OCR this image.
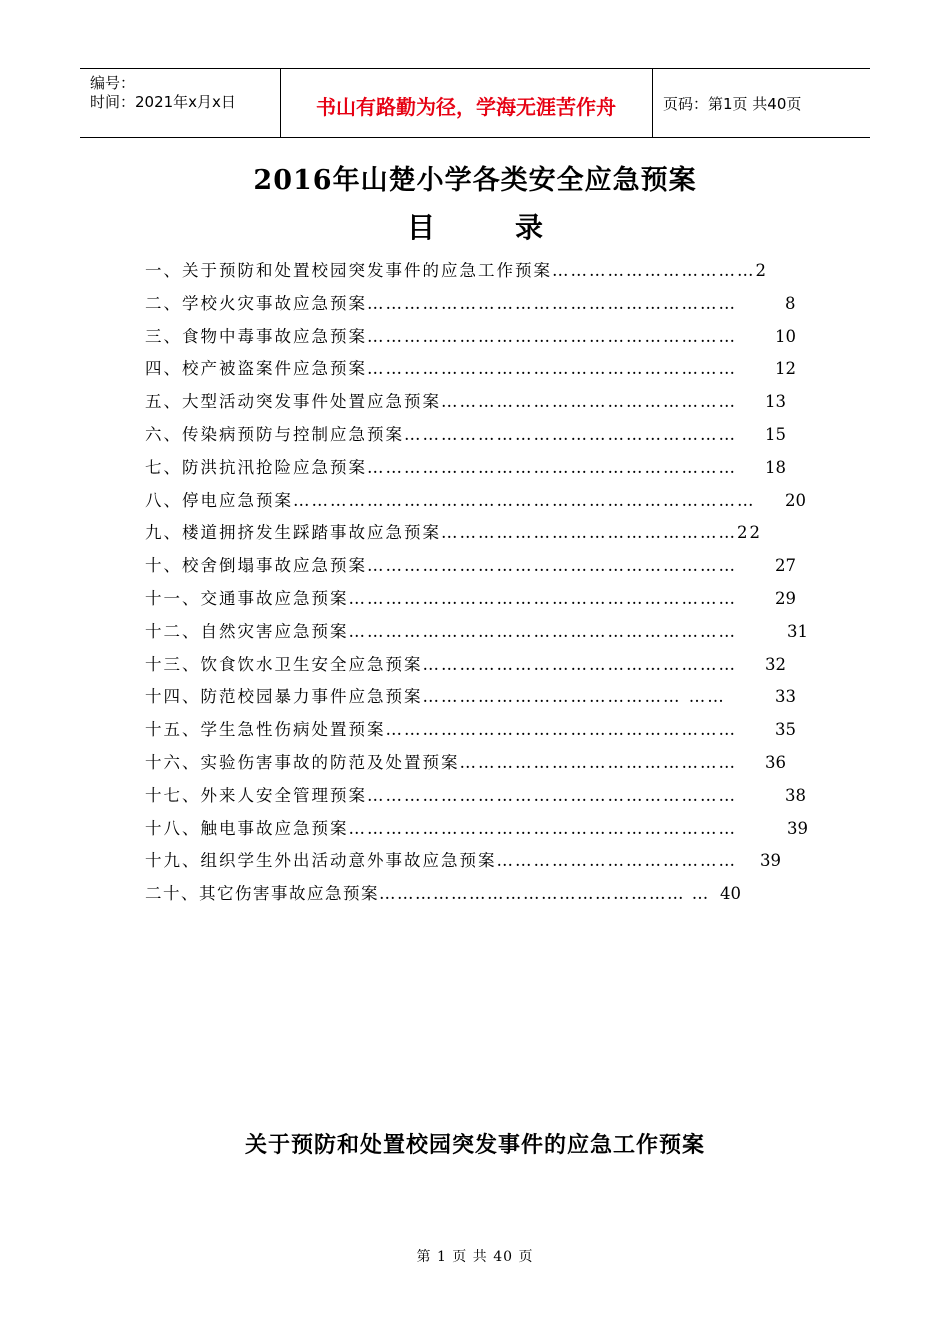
编号：
时间：2021年x月x日	书山有路勤为径，学海无涯苦作舟	页码：第1页 共40页
2016年山楚小学各类安全应急预案
目	录
一、关于预防和处置校园突发事件的应急工作预案……………………………2
二、学校火灾事故应急预案……………………………………………………	8
三、食物中毒事故应急预案…………………………………………………… 10
四、校产被盗案件应急预案…………………………………………………… 12
五、大型活动突发事件处置应急预案………………………………………… 13
六、传染病预防与控制应急预案……………………………………………… 15
七、防洪抗汛抢险应急预案…………………………………………………… 18
八、停电应急预案………………………………………………………………… 20
九、楼道拥挤发生踩踏事故应急预案…………………………………………22
十、校舍倒塌事故应急预案…………………………………………………… 27
十一、交通事故应急预案……………………………………………………… 29
十二、自然灾害应急预案………………………………………………………	31
十三、饮食饮水卫生安全应急预案…………………………………………… 32
十四、防范校园暴力事件应急预案…………………………………… ……	33
十五、学生急性伤病处置预案………………………………………………… 35
十六、实验伤害事故的防范及处置预案……………………………………… 36
十七、外来人安全管理预案……………………………………………………	38
十八、触电事故应急预案………………………………………………………	39
十九、组织学生外出活动意外事故应急预案………………………………… 39
二十、其它伤害事故应急预案…………………………………………… … 40
关于预防和处置校园突发事件的应急工作预案
第 1 页 共 40 页
